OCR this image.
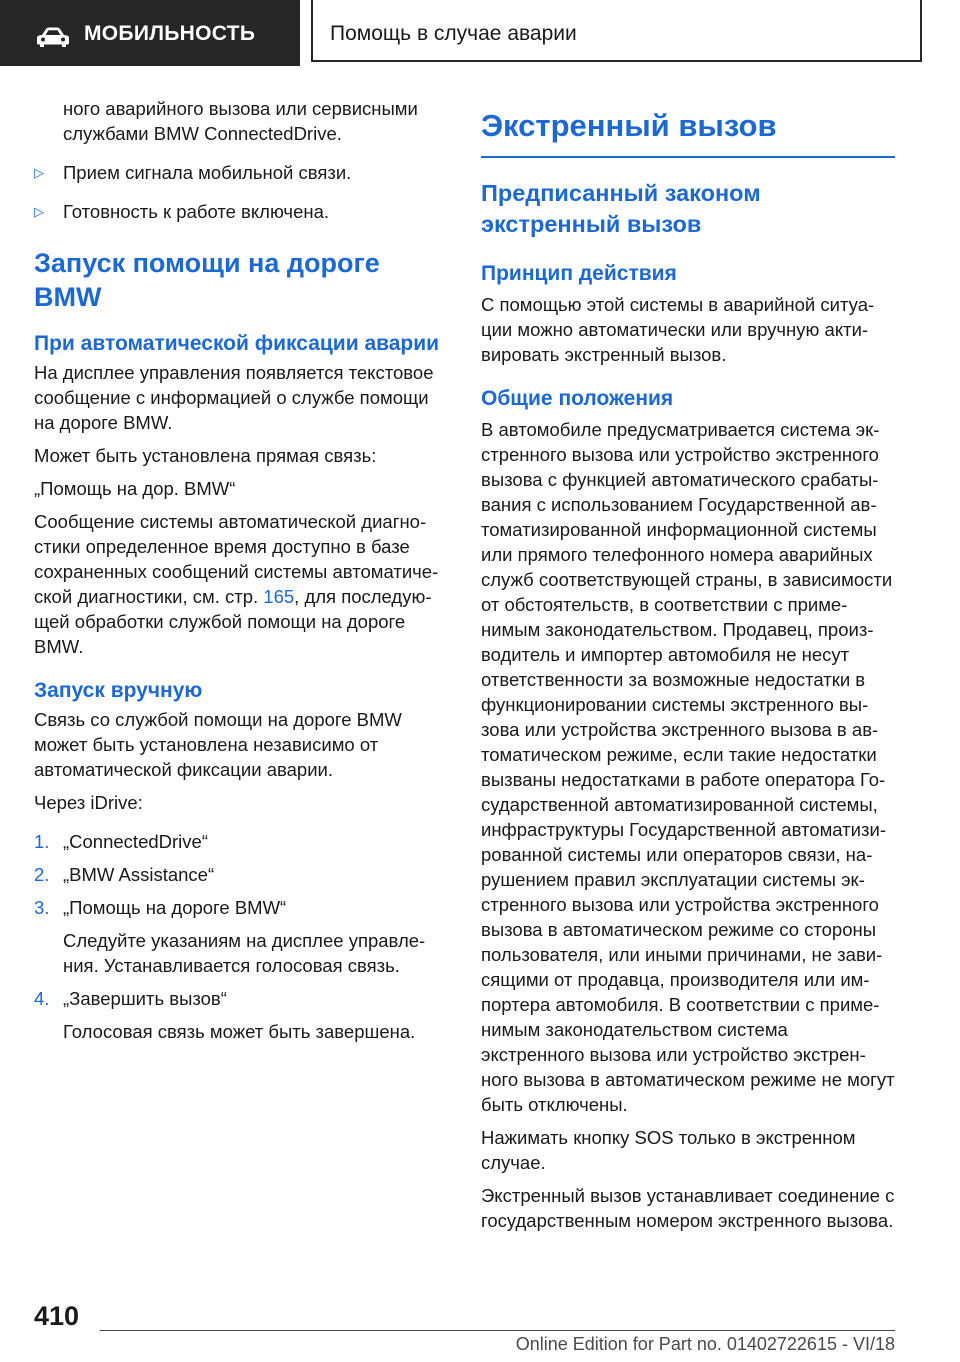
МОБИЛЬНОСТЬ	Помощь в случае аварии

ного аварийного вызова или сервисными службами BMW ConnectedDrive.

▷ Прием сигнала мобильной связи.
▷ Готовность к работе включена.
Запуск помощи на дороге BMW
При автоматической фиксации аварии

На дисплее управления появляется текстовое сообщение с информацией о службе помощи на дороге BMW.

Может быть установлена прямая связь:

„Помощь на дор. BMW“

Сообщение системы автоматической диагностики определенное время доступно в базе сохраненных сообщений системы автоматической диагностики, см. стр. 165, для последующей обработки службой помощи на дороге BMW.

Запуск вручную

Связь со службой помощи на дороге BMW может быть установлена независимо от автоматической фиксации аварии.

Через iDrive:

1. „ConnectedDrive“
2. „BMW Assistance“
3. „Помощь на дороге BMW“

Следуйте указаниям на дисплее управления. Устанавливается голосовая связь.

4. „Завершить вызов“

Голосовая связь может быть завершена.

Экстренный вызов
Предписанный законом экстренный вызов
Принцип действия

С помощью этой системы в аварийной ситуации можно автоматически или вручную активировать экстренный вызов.

Общие положения

В автомобиле предусматривается система экстренного вызова или устройство экстренного вызова с функцией автоматического срабатывания с использованием Государственной автоматизированной информационной системы или прямого телефонного номера аварийных служб соответствующей страны, в зависимости от обстоятельств, в соответствии с применимым законодательством. Продавец, производитель и импортер автомобиля не несут ответственности за возможные недостатки в функционировании системы экстренного вызова или устройства экстренного вызова в автоматическом режиме, если такие недостатки вызваны недостатками в работе оператора Государственной автоматизированной системы, инфраструктуры Государственной автоматизированной системы или операторов связи, нарушением правил эксплуатации системы экстренного вызова или устройства экстренного вызова в автоматическом режиме со стороны пользователя, или иными причинами, не зависящими от продавца, производителя или импортера автомобиля. В соответствии с применимым законодательством система экстренного вызова или устройство экстренного вызова в автоматическом режиме не могут быть отключены.

Нажимать кнопку SOS только в экстренном случае.

Экстренный вызов устанавливает соединение с государственным номером экстренного вызова.

410
Online Edition for Part no. 01402722615 - VI/18
